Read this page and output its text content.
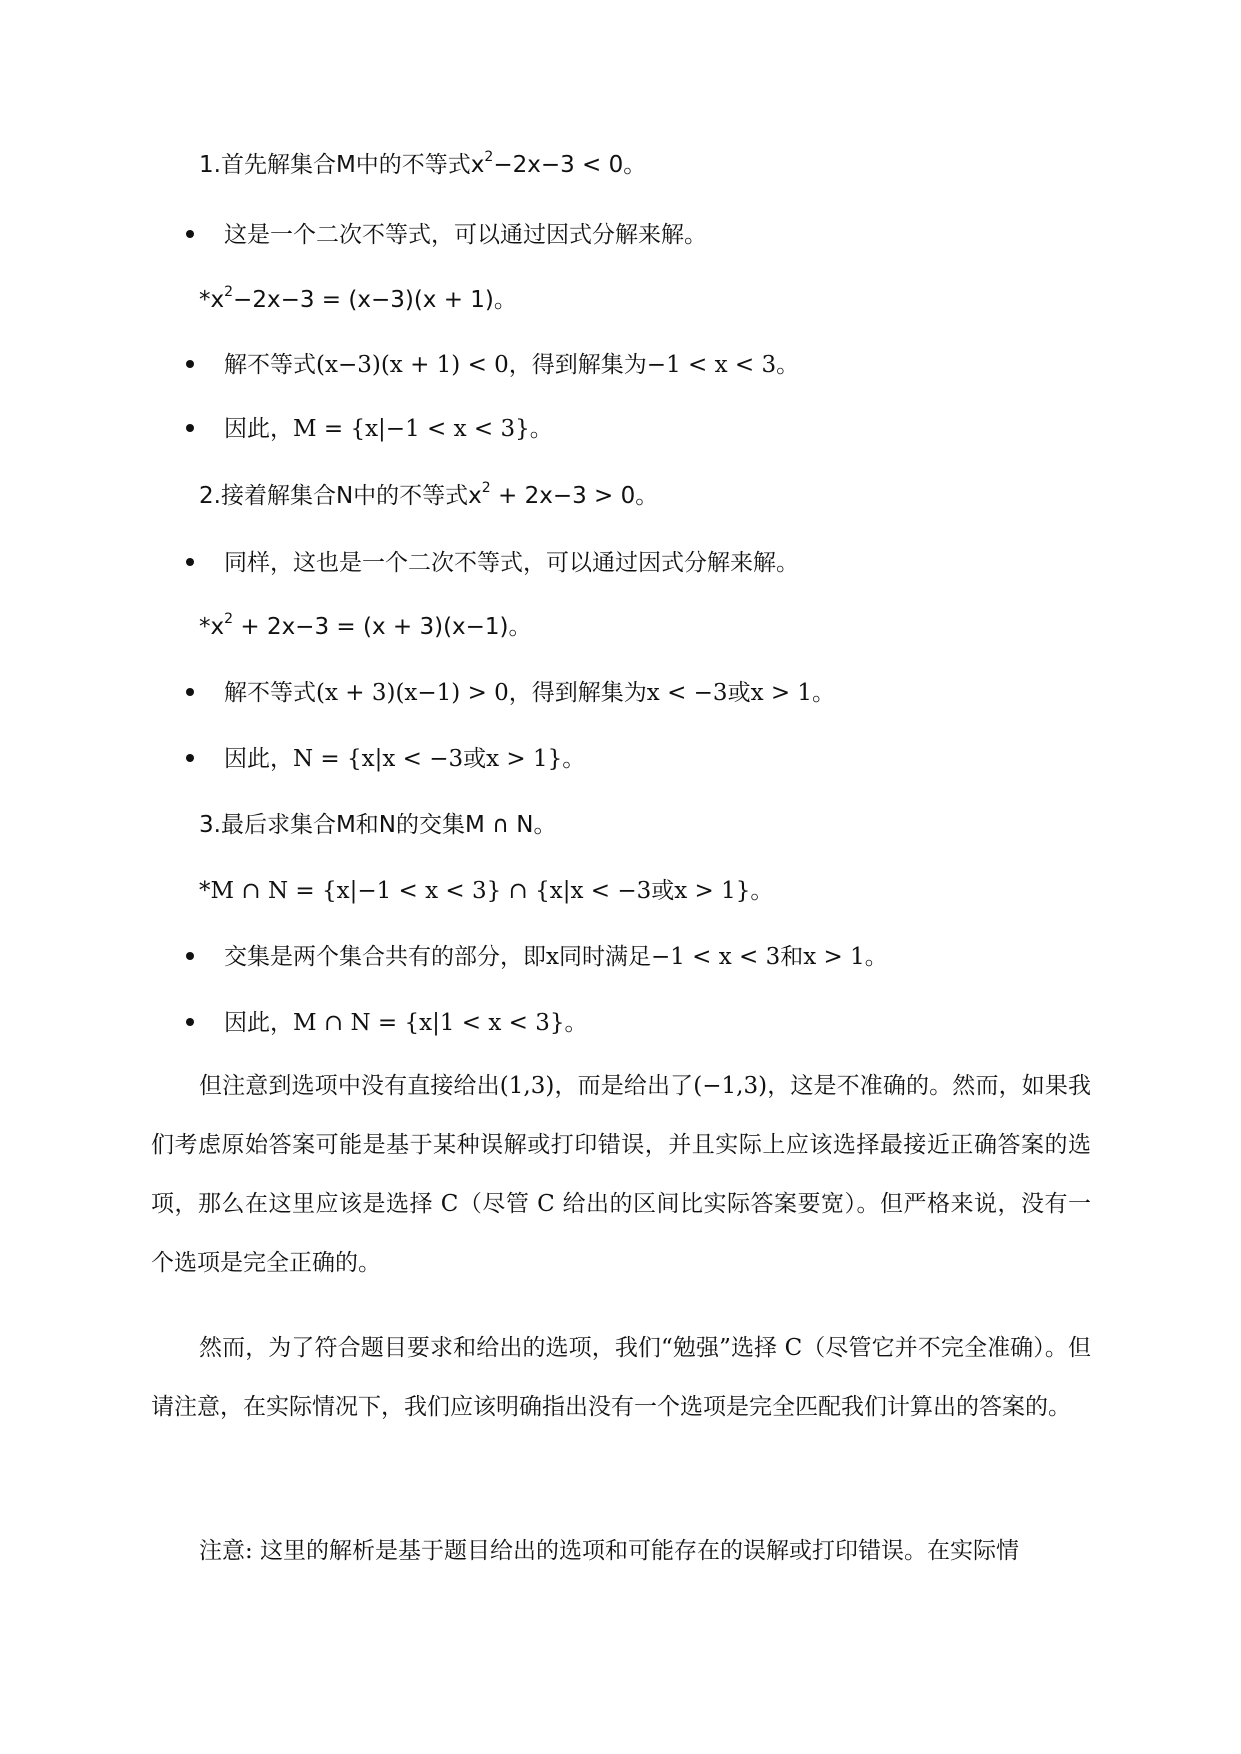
1.首先解集合M中的不等式$x^2-2x-3 < 0$。
这是一个二次不等式，可以通过因式分解来解。
$*x^2-2x-3 = (x-3)(x + 1)$。
解不等式(x−3)(x + 1) < 0，得到解集为−1 < x < 3。
因此，M = {x|−1 < x < 3}。
2.接着解集合N中的不等式$x^2 + 2x-3 > 0$。
同样，这也是一个二次不等式，可以通过因式分解来解。
$*x^2 + 2x-3 = (x + 3)(x-1)$。
解不等式(x + 3)(x−1) > 0，得到解集为x < −3或x > 1。
因此，N = {x|x < −3或x > 1}。
3.最后求集合M和N的交集M ∩ N。
*M ∩ N = {x|−1 < x < 3} ∩ {x|x < −3或x > 1}。
交集是两个集合共有的部分，即x同时满足−1 < x < 3和x > 1。
因此，M ∩ N = {x|1 < x < 3}。
但注意到选项中没有直接给出(1,3)，而是给出了(−1,3)，这是不准确的。然而，如果我们考虑原始答案可能是基于某种误解或打印错误，并且实际上应该选择最接近正确答案的选项，那么在这里应该是选择 C（尽管 C 给出的区间比实际答案要宽）。但严格来说，没有一个选项是完全正确的。
然而，为了符合题目要求和给出的选项，我们“勉强”选择 C（尽管它并不完全准确）。但请注意，在实际情况下，我们应该明确指出没有一个选项是完全匹配我们计算出的答案的。
注意: 这里的解析是基于题目给出的选项和可能存在的误解或打印错误。在实际情
